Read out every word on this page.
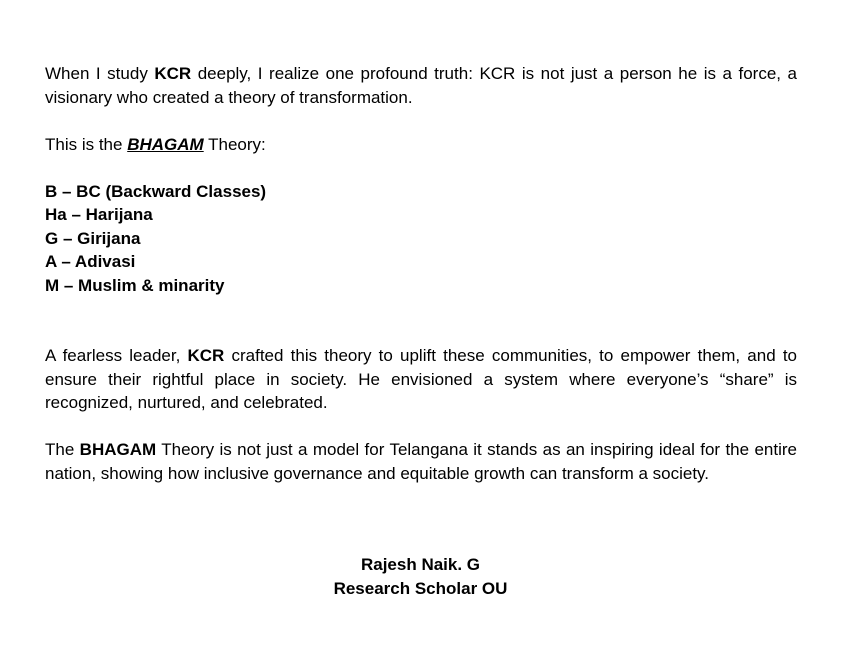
When I study KCR deeply, I realize one profound truth: KCR is not just a person he is a force, a visionary who created a theory of transformation.

This is the BHAGAM Theory:

B – BC (Backward Classes)

Ha – Harijana

G – Girijana

A – Adivasi

M – Muslim & minarity

A fearless leader, KCR crafted this theory to uplift these communities, to empower them, and to ensure their rightful place in society. He envisioned a system where everyone’s “share” is recognized, nurtured, and celebrated.

The BHAGAM Theory is not just a model for Telangana it stands as an inspiring ideal for the entire nation, showing how inclusive governance and equitable growth can transform a society.

Rajesh Naik. G

Research Scholar OU
